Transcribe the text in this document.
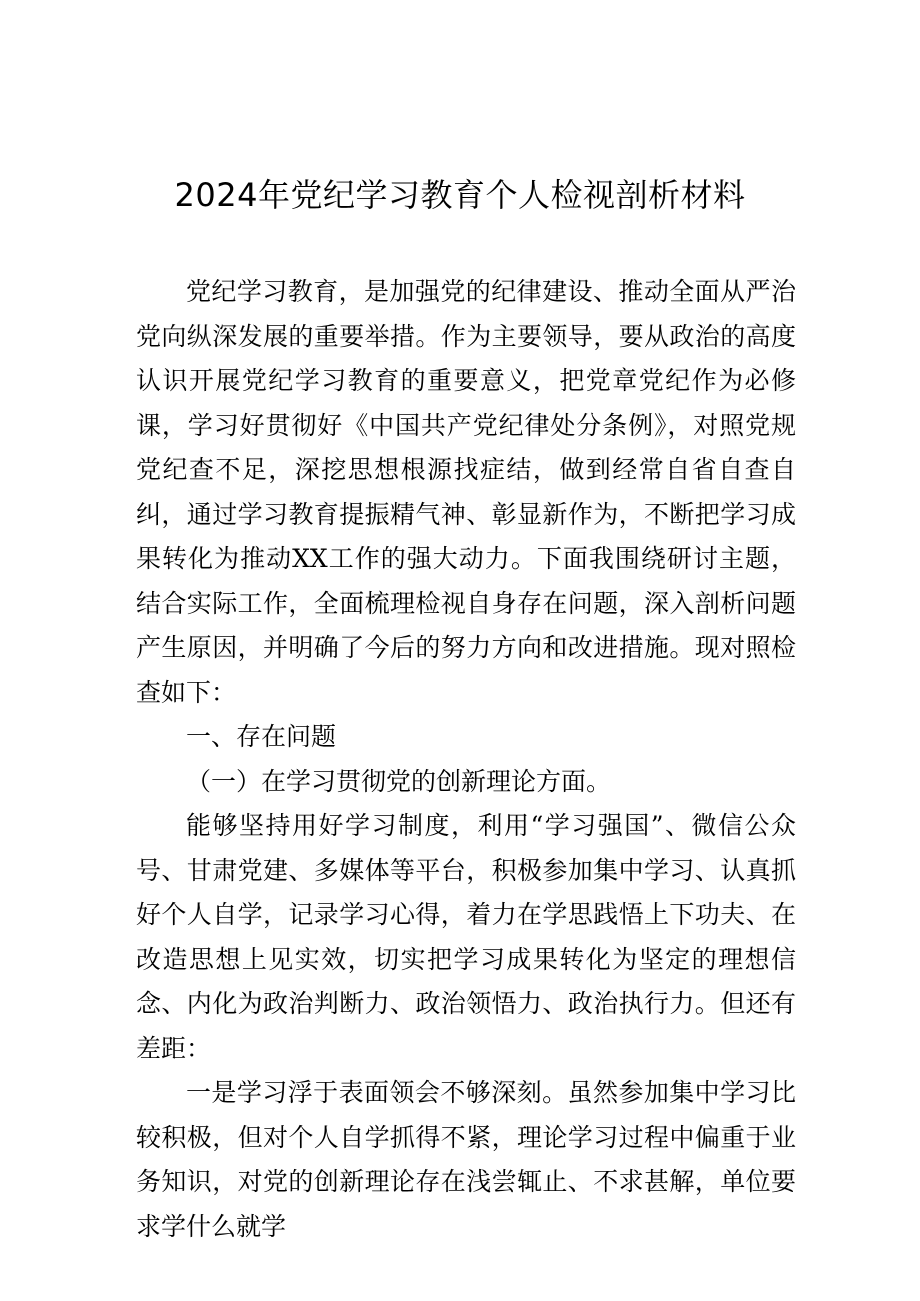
2024年党纪学习教育个人检视剖析材料

党纪学习教育，是加强党的纪律建设、推动全面从严治党向纵深发展的重要举措。作为主要领导，要从政治的高度认识开展党纪学习教育的重要意义，把党章党纪作为必修课，学习好贯彻好《中国共产党纪律处分条例》，对照党规党纪查不足，深挖思想根源找症结，做到经常自省自查自纠，通过学习教育提振精气神、彰显新作为，不断把学习成果转化为推动XX工作的强大动力。下面我围绕研讨主题，结合实际工作，全面梳理检视自身存在问题，深入剖析问题产生原因，并明确了今后的努力方向和改进措施。现对照检查如下：

一、存在问题

（一）在学习贯彻党的创新理论方面。

能够坚持用好学习制度，利用“学习强国”、微信公众号、甘肃党建、多媒体等平台，积极参加集中学习、认真抓好个人自学，记录学习心得，着力在学思践悟上下功夫、在改造思想上见实效，切实把学习成果转化为坚定的理想信念、内化为政治判断力、政治领悟力、政治执行力。但还有差距：

一是学习浮于表面领会不够深刻。虽然参加集中学习比较积极，但对个人自学抓得不紧，理论学习过程中偏重于业务知识，对党的创新理论存在浅尝辄止、不求甚解，单位要求学什么就学
